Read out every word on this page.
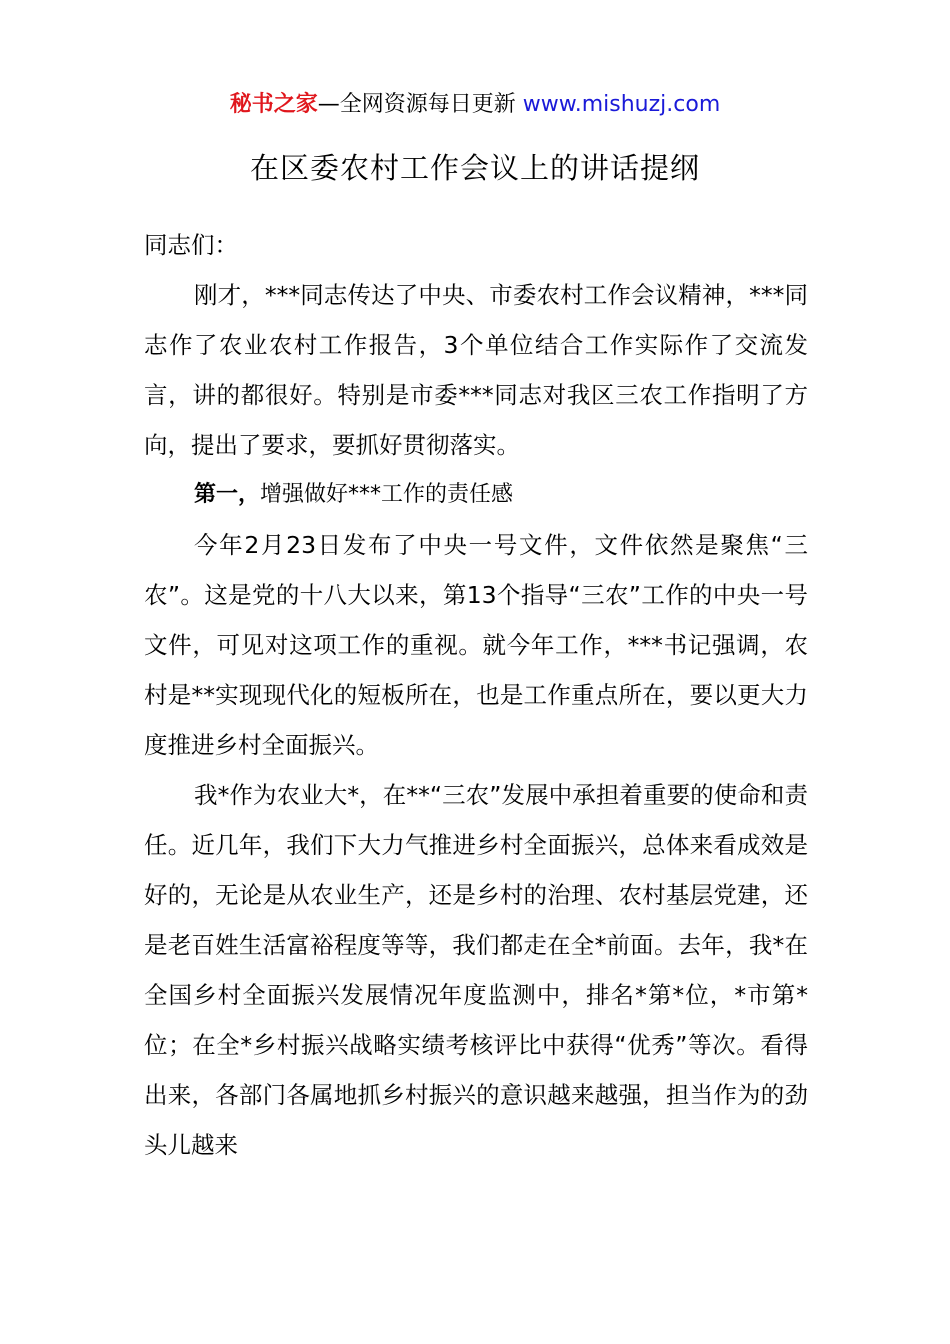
秘书之家—全网资源每日更新 www.mishuzj.com
在区委农村工作会议上的讲话提纲

同志们：

刚才，***同志传达了中央、市委农村工作会议精神，***同志作了农业农村工作报告，3个单位结合工作实际作了交流发言，讲的都很好。特别是市委***同志对我区三农工作指明了方向，提出了要求，要抓好贯彻落实。

第一，增强做好***工作的责任感

今年2月23日发布了中央一号文件，文件依然是聚焦“三农”。这是党的十八大以来，第13个指导“三农”工作的中央一号文件，可见对这项工作的重视。就今年工作，***书记强调，农村是**实现现代化的短板所在，也是工作重点所在，要以更大力度推进乡村全面振兴。

我*作为农业大*，在**“三农”发展中承担着重要的使命和责任。近几年，我们下大力气推进乡村全面振兴，总体来看成效是好的，无论是从农业生产，还是乡村的治理、农村基层党建，还是老百姓生活富裕程度等等，我们都走在全*前面。去年，我*在全国乡村全面振兴发展情况年度监测中，排名*第*位，*市第*位；在全*乡村振兴战略实绩考核评比中获得“优秀”等次。看得出来，各部门各属地抓乡村振兴的意识越来越强，担当作为的劲头儿越来
